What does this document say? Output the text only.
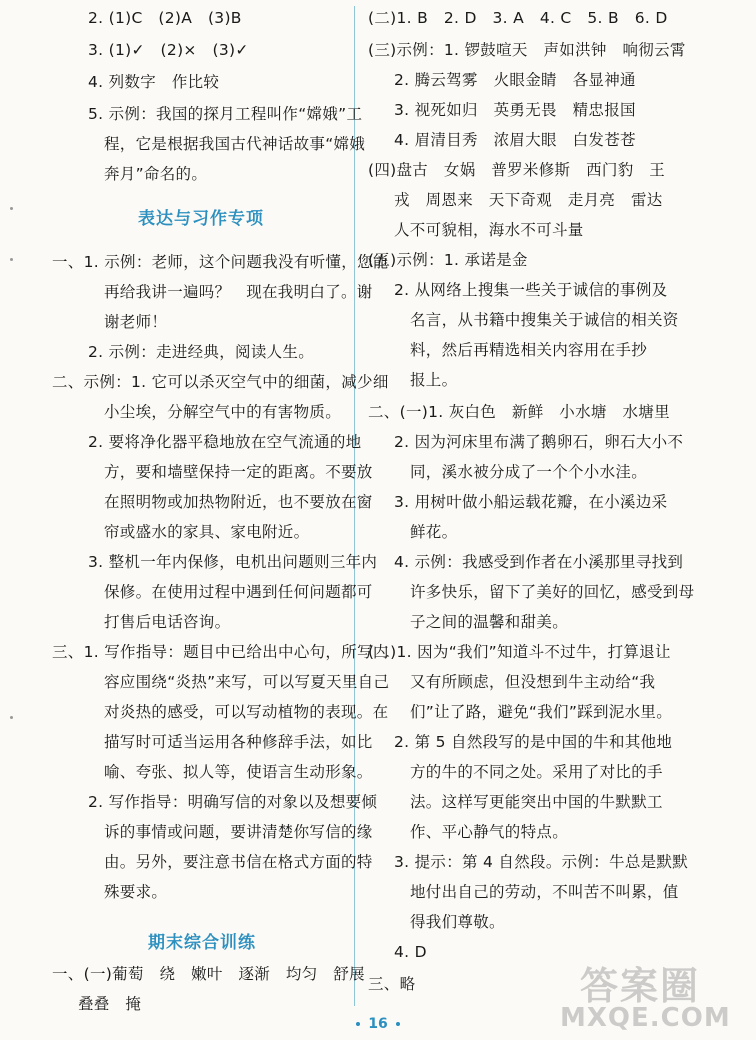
2. (1)C　(2)A　(3)B
3. (1)✓　(2)×　(3)✓
4. 列数字　作比较
5. 示例：我国的探月工程叫作“嫦娥”工
程，它是根据我国古代神话故事“嫦娥
奔月”命名的。
表达与习作专项
一、1. 示例：老师，这个问题我没有听懂，您能
再给我讲一遍吗？　现在我明白了。谢
谢老师！
2. 示例：走进经典，阅读人生。
二、示例：1. 它可以杀灭空气中的细菌，减少细
小尘埃，分解空气中的有害物质。
2. 要将净化器平稳地放在空气流通的地
方，要和墙壁保持一定的距离。不要放
在照明物或加热物附近，也不要放在窗
帘或盛水的家具、家电附近。
3. 整机一年内保修，电机出问题则三年内
保修。在使用过程中遇到任何问题都可
打售后电话咨询。
三、1. 写作指导：题目中已给出中心句，所写内
容应围绕“炎热”来写，可以写夏天里自己
对炎热的感受，可以写动植物的表现。在
描写时可适当运用各种修辞手法，如比
喻、夸张、拟人等，使语言生动形象。
2. 写作指导：明确写信的对象以及想要倾
诉的事情或问题，要讲清楚你写信的缘
由。另外，要注意书信在格式方面的特
殊要求。
期末综合训练
一、(一)葡萄　绕　嫩叶　逐渐　均匀　舒展
叠叠　掩
(二)1. B　2. D　3. A　4. C　5. B　6. D
(三)示例：1. 锣鼓喧天　声如洪钟　响彻云霄
2. 腾云驾雾　火眼金睛　各显神通
3. 视死如归　英勇无畏　精忠报国
4. 眉清目秀　浓眉大眼　白发苍苍
(四)盘古　女娲　普罗米修斯　西门豹　王
戎　周恩来　天下奇观　走月亮　雷达
人不可貌相，海水不可斗量
(五)示例：1. 承诺是金
2. 从网络上搜集一些关于诚信的事例及
名言，从书籍中搜集关于诚信的相关资
料，然后再精选相关内容用在手抄
报上。
二、(一)1. 灰白色　新鲜　小水塘　水塘里
2. 因为河床里布满了鹅卵石，卵石大小不
同，溪水被分成了一个个小水洼。
3. 用树叶做小船运载花瓣，在小溪边采
鲜花。
4. 示例：我感受到作者在小溪那里寻找到
许多快乐，留下了美好的回忆，感受到母
子之间的温馨和甜美。
(二)1. 因为“我们”知道斗不过牛，打算退让
又有所顾虑，但没想到牛主动给“我
们”让了路，避免“我们”踩到泥水里。
2. 第 5 自然段写的是中国的牛和其他地
方的牛的不同之处。采用了对比的手
法。这样写更能突出中国的牛默默工
作、平心静气的特点。
3. 提示：第 4 自然段。示例：牛总是默默
地付出自己的劳动，不叫苦不叫累，值
得我们尊敬。
4. D
三、略
16
答案圈
MXQE.COM
